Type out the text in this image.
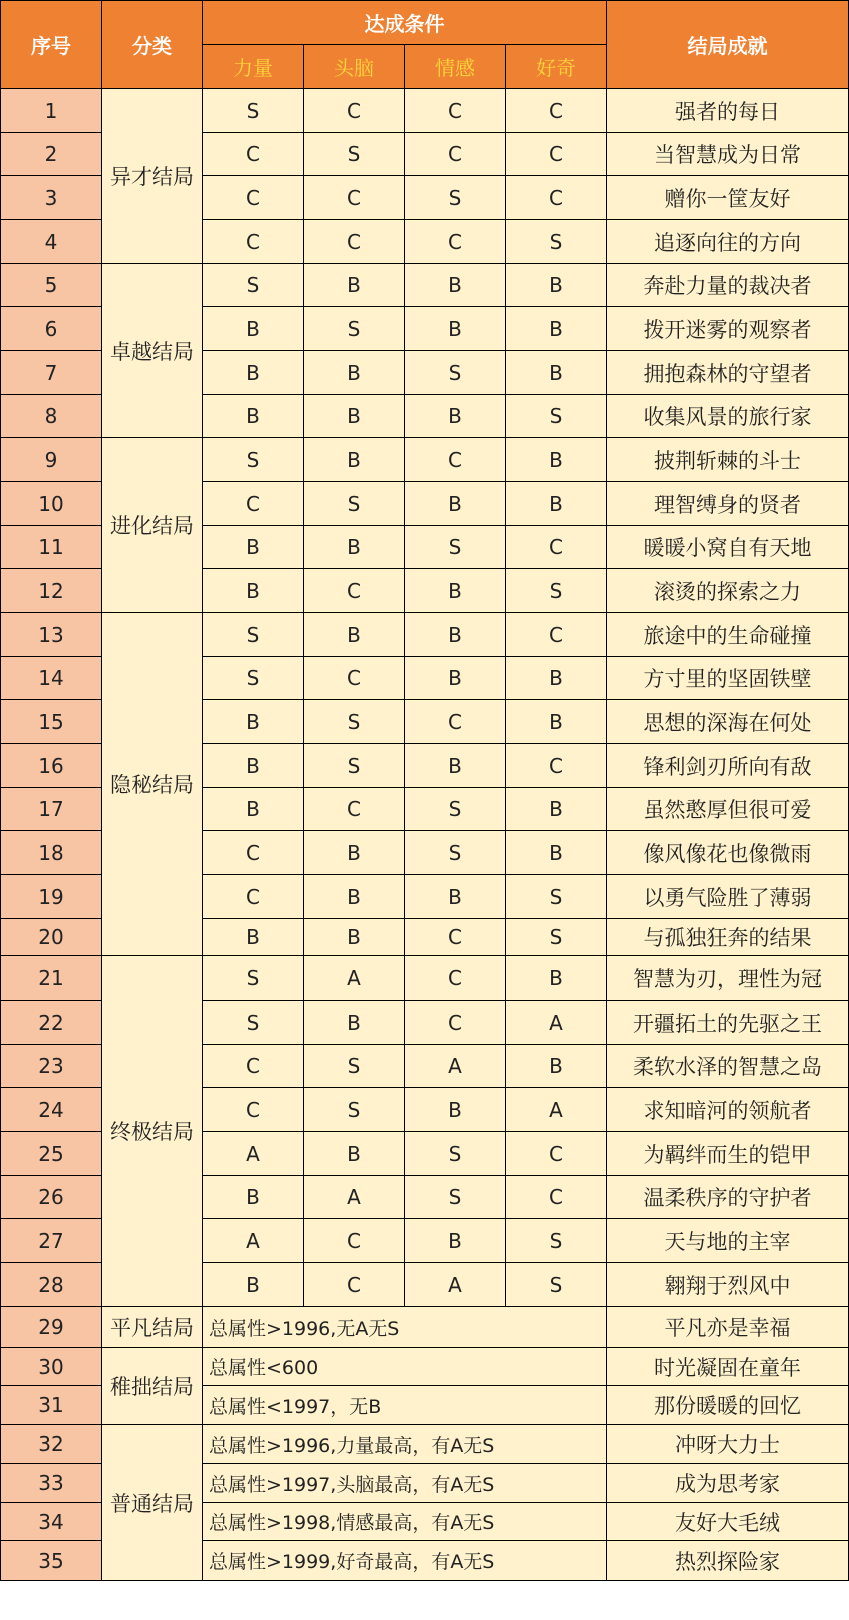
序号	分类	达成条件				结局成就
		力量	头脑	情感	好奇	
1	异才结局	S	C	C	C	强者的每日
2		C	S	C	C	当智慧成为日常
3		C	C	S	C	赠你一筐友好
4		C	C	C	S	追逐向往的方向
5	卓越结局	S	B	B	B	奔赴力量的裁决者
6		B	S	B	B	拨开迷雾的观察者
7		B	B	S	B	拥抱森林的守望者
8		B	B	B	S	收集风景的旅行家
9	进化结局	S	B	C	B	披荆斩棘的斗士
10		C	S	B	B	理智缚身的贤者
11		B	B	S	C	暖暖小窝自有天地
12		B	C	B	S	滚烫的探索之力
13	隐秘结局	S	B	B	C	旅途中的生命碰撞
14		S	C	B	B	方寸里的坚固铁壁
15		B	S	C	B	思想的深海在何处
16		B	S	B	C	锋利剑刃所向有敌
17		B	C	S	B	虽然憨厚但很可爱
18		C	B	S	B	像风像花也像微雨
19		C	B	B	S	以勇气险胜了薄弱
20		B	B	C	S	与孤独狂奔的结果
21	终极结局	S	A	C	B	智慧为刃，理性为冠
22		S	B	C	A	开疆拓土的先驱之王
23		C	S	A	B	柔软水泽的智慧之岛
24		C	S	B	A	求知暗河的领航者
25		A	B	S	C	为羁绊而生的铠甲
26		B	A	S	C	温柔秩序的守护者
27		A	C	B	S	天与地的主宰
28		B	C	A	S	翱翔于烈风中
29	平凡结局	总属性>1996,无A无S				平凡亦是幸福
30	稚拙结局	总属性<600				时光凝固在童年
31		总属性<1997，无B				那份暖暖的回忆
32	普通结局	总属性>1996,力量最高，有A无S				冲呀大力士
33		总属性>1997,头脑最高，有A无S				成为思考家
34		总属性>1998,情感最高，有A无S				友好大毛绒
35		总属性>1999,好奇最高，有A无S				热烈探险家
